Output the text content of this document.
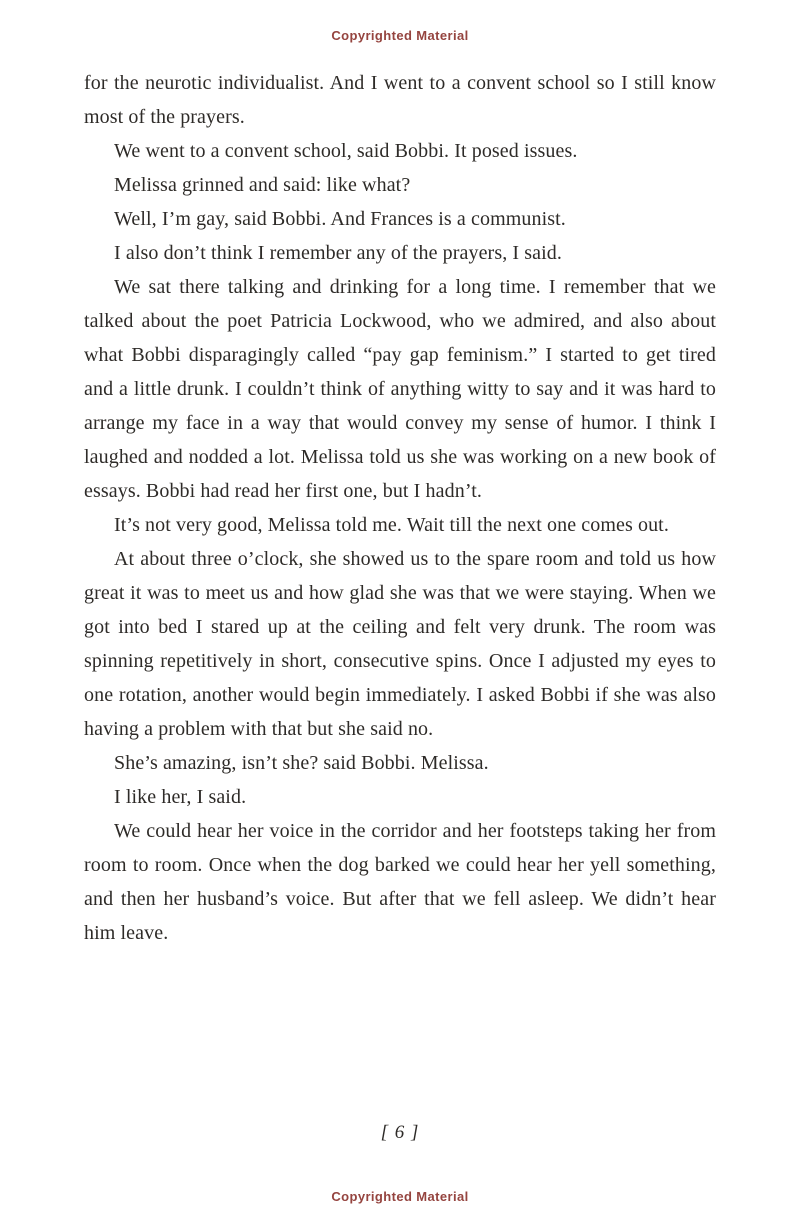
Copyrighted Material

for the neurotic individualist. And I went to a convent school so I still know most of the prayers.

We went to a convent school, said Bobbi. It posed issues.

Melissa grinned and said: like what?

Well, I’m gay, said Bobbi. And Frances is a communist.

I also don’t think I remember any of the prayers, I said.

We sat there talking and drinking for a long time. I remember that we talked about the poet Patricia Lockwood, who we admired, and also about what Bobbi disparagingly called “pay gap feminism.” I started to get tired and a little drunk. I couldn’t think of anything witty to say and it was hard to arrange my face in a way that would convey my sense of humor. I think I laughed and nodded a lot. Melissa told us she was working on a new book of essays. Bobbi had read her first one, but I hadn’t.

It’s not very good, Melissa told me. Wait till the next one comes out.

At about three o’clock, she showed us to the spare room and told us how great it was to meet us and how glad she was that we were staying. When we got into bed I stared up at the ceiling and felt very drunk. The room was spinning repetitively in short, consecutive spins. Once I adjusted my eyes to one rotation, another would begin immediately. I asked Bobbi if she was also having a problem with that but she said no.

She’s amazing, isn’t she? said Bobbi. Melissa.

I like her, I said.

We could hear her voice in the corridor and her footsteps taking her from room to room. Once when the dog barked we could hear her yell something, and then her husband’s voice. But after that we fell asleep. We didn’t hear him leave.

[ 6 ]
Copyrighted Material
